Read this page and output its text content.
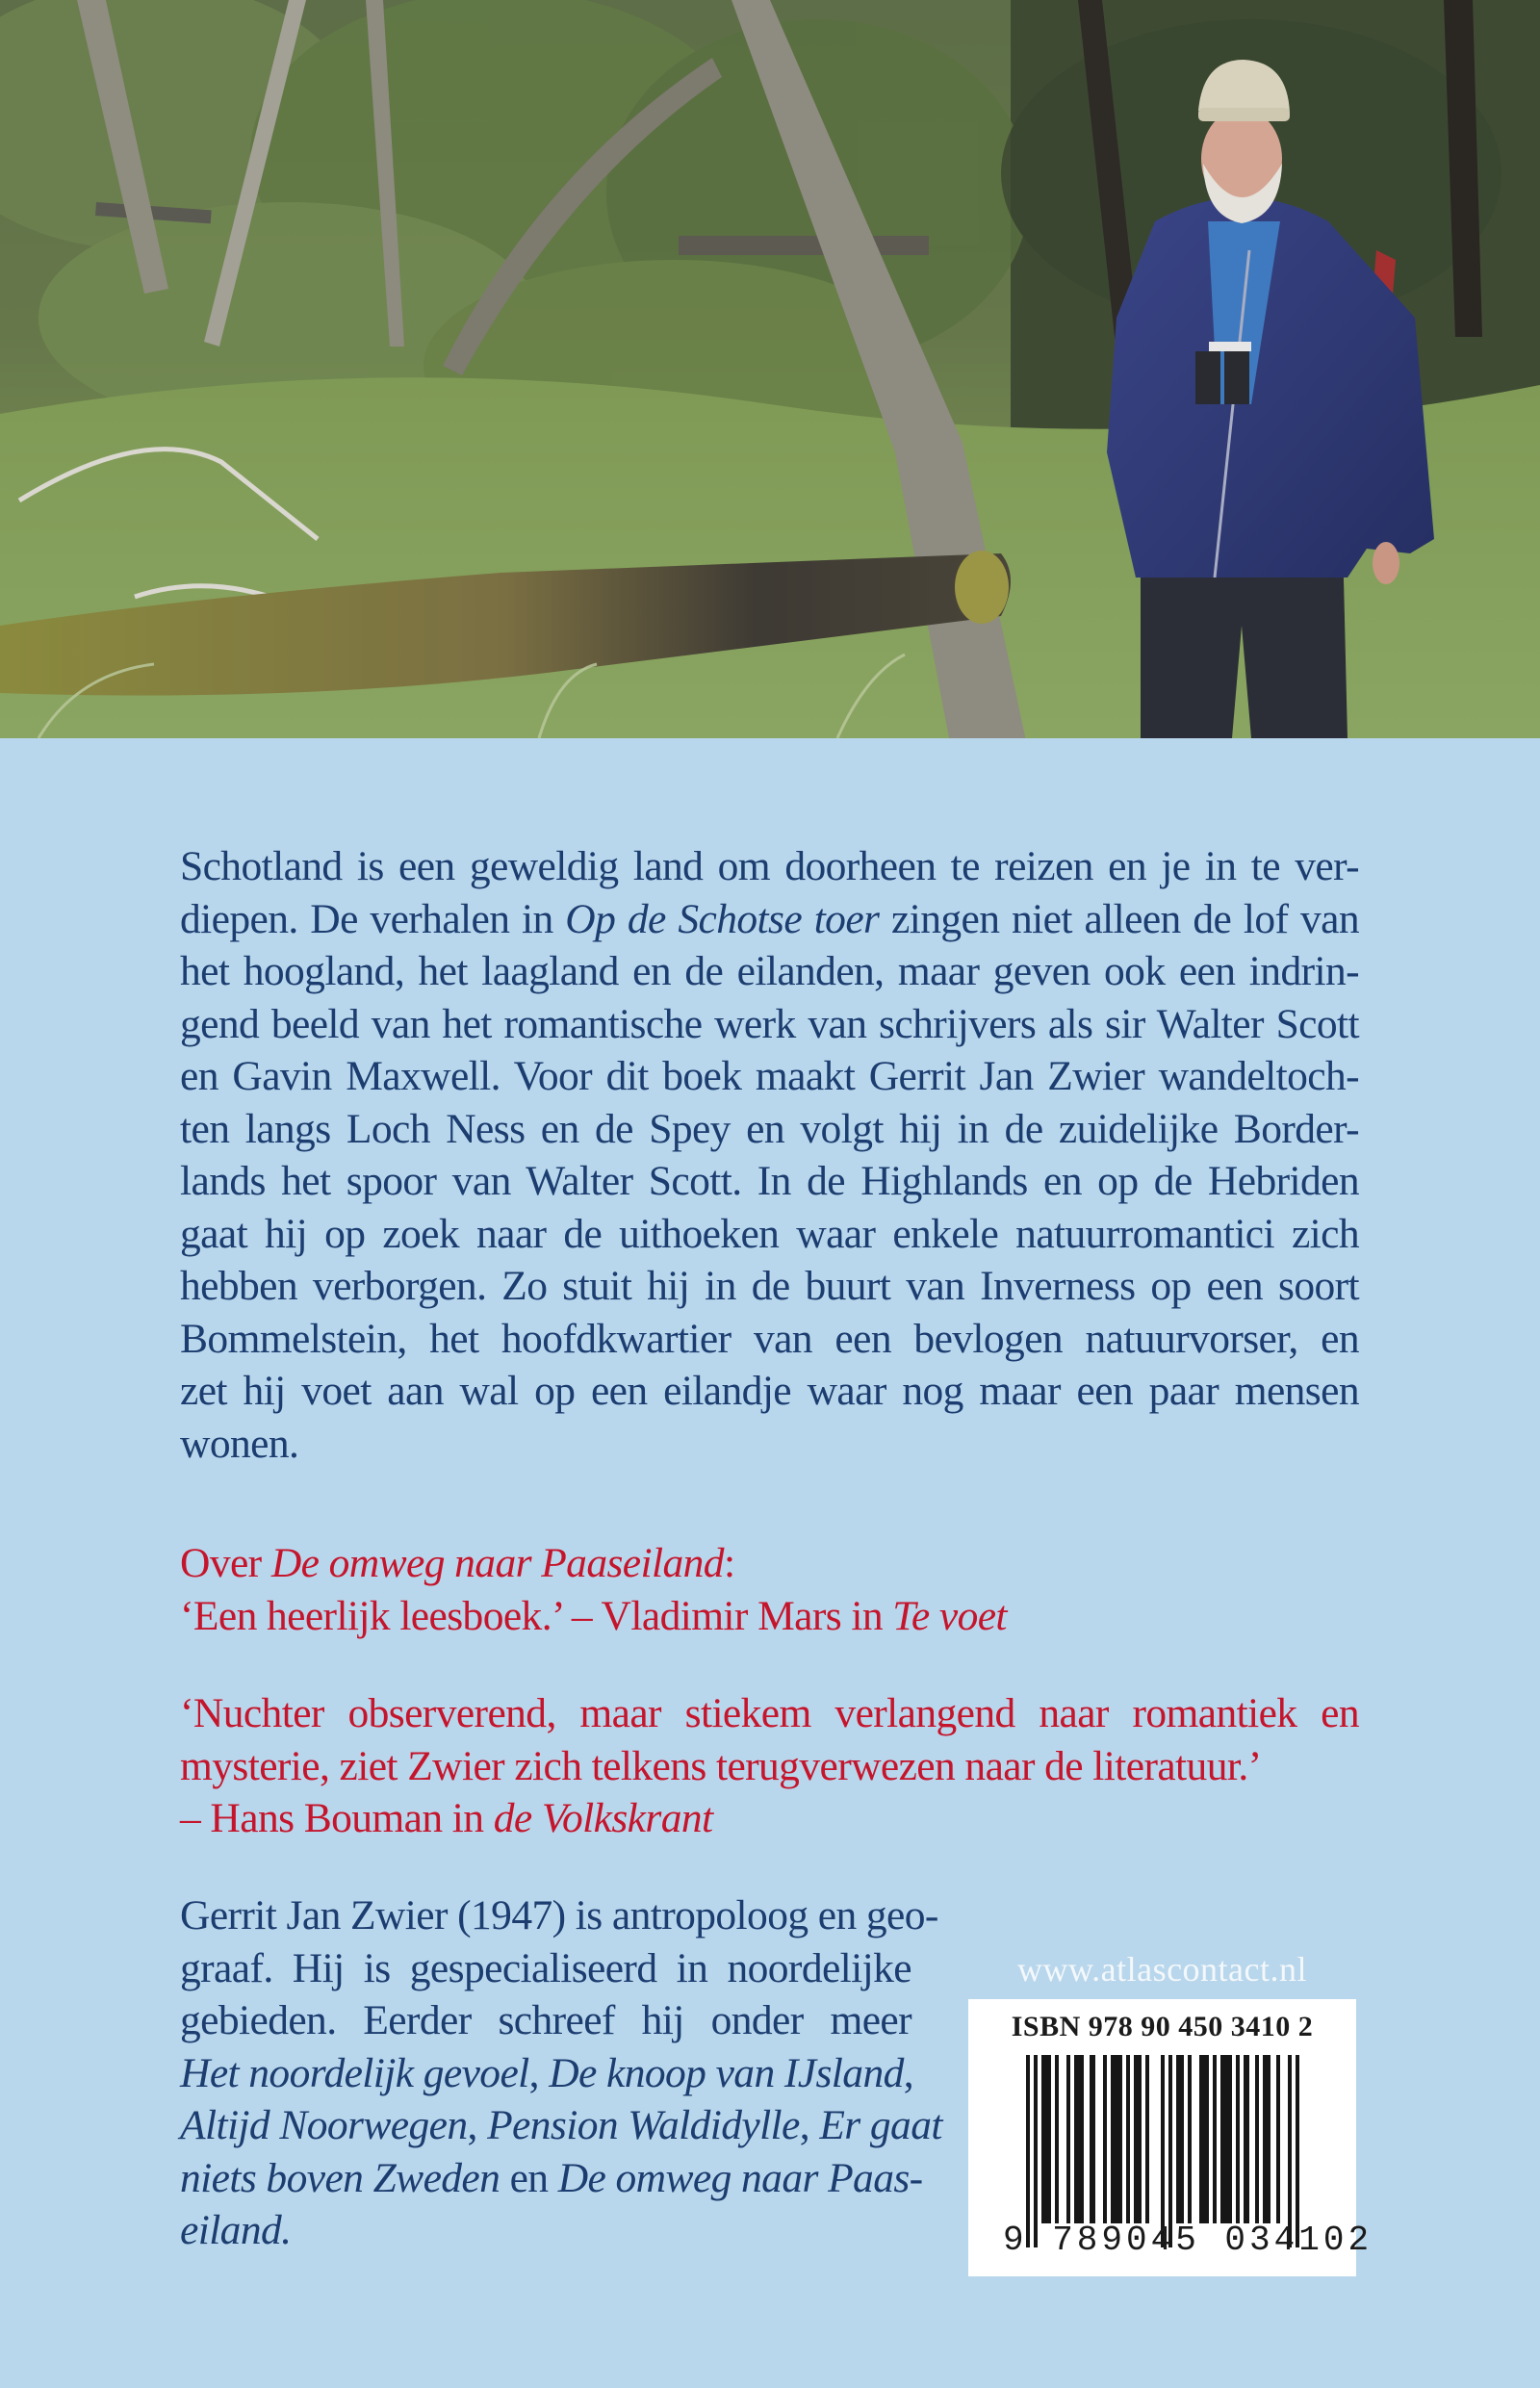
Schotland is een geweldig land om doorheen te reizen en je in te ver-
diepen. De verhalen in Op de Schotse toer zingen niet alleen de lof van
het hoogland, het laagland en de eilanden, maar geven ook een indrin-
gend beeld van het romantische werk van schrijvers als sir Walter Scott
en Gavin Maxwell. Voor dit boek maakt Gerrit Jan Zwier wandeltoch-
ten langs Loch Ness en de Spey en volgt hij in de zuidelijke Border-
lands het spoor van Walter Scott. In de Highlands en op de Hebriden
gaat hij op zoek naar de uithoeken waar enkele natuurromantici zich
hebben verborgen. Zo stuit hij in de buurt van Inverness op een soort
Bommelstein, het hoofdkwartier van een bevlogen natuurvorser, en
zet hij voet aan wal op een eilandje waar nog maar een paar mensen
wonen.
Over De omweg naar Paaseiland:
‘Een heerlijk leesboek.’ – Vladimir Mars in Te voet
‘Nuchter observerend, maar stiekem verlangend naar romantiek en
mysterie, ziet Zwier zich telkens terugverwezen naar de literatuur.’
– Hans Bouman in de Volkskrant
Gerrit Jan Zwier (1947) is antropoloog en geo-
graaf. Hij is gespecialiseerd in noordelijke
gebieden. Eerder schreef hij onder meer
Het noordelijk gevoel, De knoop van IJsland,
Altijd Noorwegen, Pension Waldidylle, Er gaat
niets boven Zweden en De omweg naar Paas-
eiland.
www.atlascontact.nl
ISBN 978 90 450 3410 2
9 789045 034102
